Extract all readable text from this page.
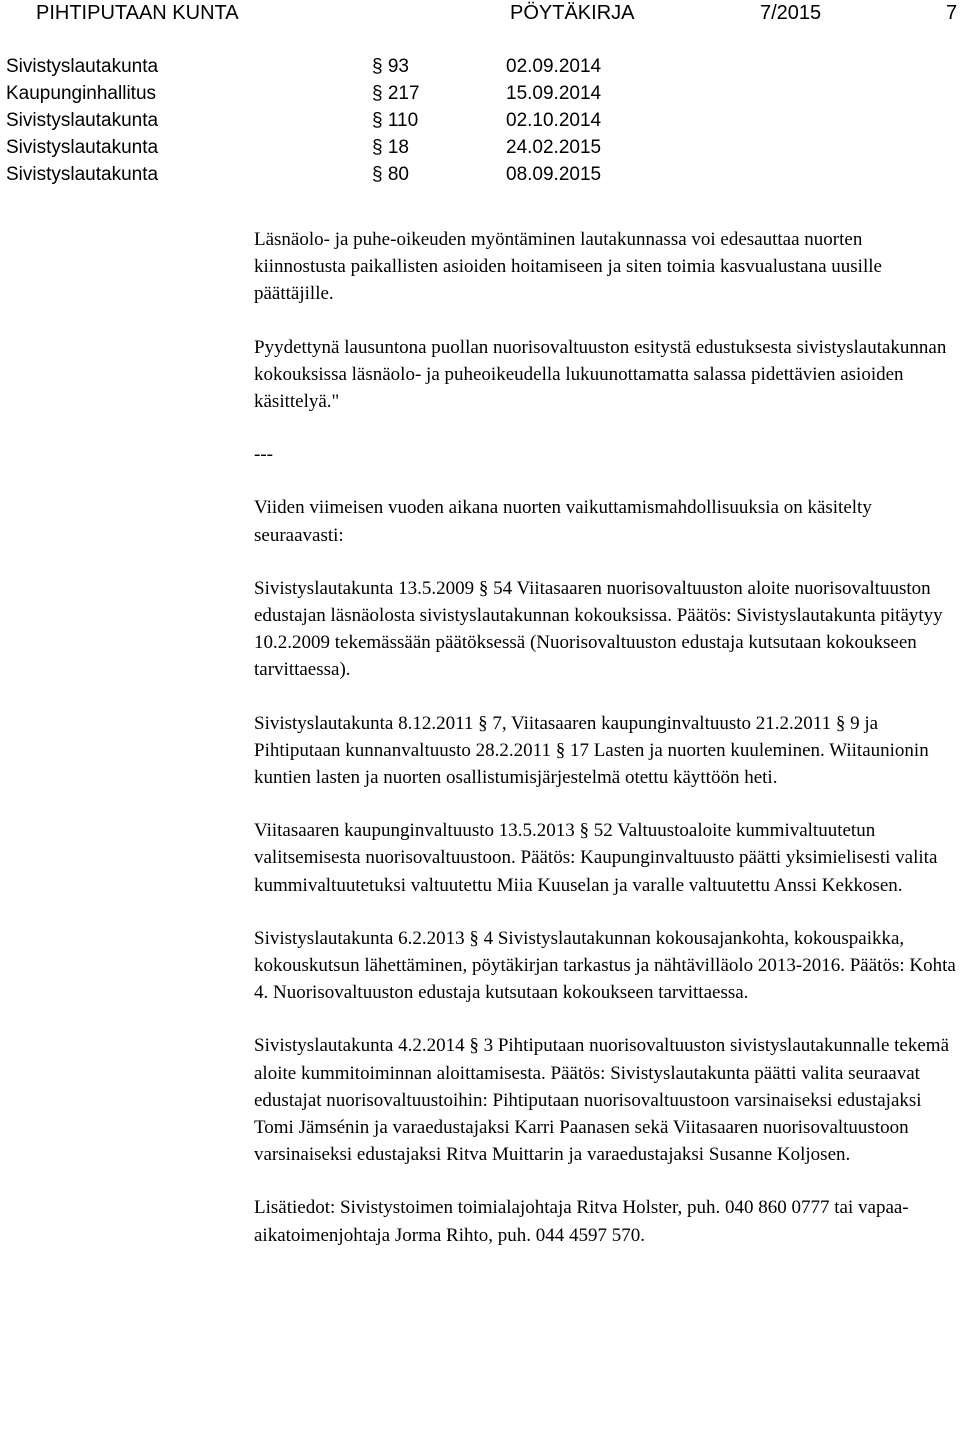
PIHTIPUTAAN KUNTA	PÖYTÄKIRJA	7/2015	7
Sivistyslautakunta	§ 93	02.09.2014
Kaupunginhallitus	§ 217	15.09.2014
Sivistyslautakunta	§ 110	02.10.2014
Sivistyslautakunta	§ 18	24.02.2015
Sivistyslautakunta	§ 80	08.09.2015

Läsnäolo- ja puhe-oikeuden myöntäminen lautakunnassa voi edesauttaa nuorten kiinnostusta paikallisten asioiden hoitamiseen ja siten toimia kasvualustana uusille päättäjille.

Pyydettynä lausuntona puollan nuorisovaltuuston esitystä edustuksesta sivistyslautakunnan kokouksissa läsnäolo- ja puheoikeudella lukuunottamatta salassa pidettävien asioiden käsittelyä."

---

Viiden viimeisen vuoden aikana nuorten vaikuttamismahdollisuuksia on käsitelty seuraavasti:

Sivistyslautakunta 13.5.2009 § 54 Viitasaaren nuorisovaltuuston aloite nuorisovaltuuston edustajan läsnäolosta sivistyslautakunnan kokouksissa. Päätös: Sivistyslautakunta pitäytyy 10.2.2009 tekemässään päätöksessä (Nuorisovaltuuston edustaja kutsutaan kokoukseen tarvittaessa).

Sivistyslautakunta 8.12.2011 § 7, Viitasaaren kaupunginvaltuusto 21.2.2011 § 9 ja Pihtiputaan kunnanvaltuusto 28.2.2011 § 17 Lasten ja nuorten kuuleminen. Wiitaunionin kuntien lasten ja nuorten osallistumisjärjestelmä otettu käyttöön heti.

Viitasaaren kaupunginvaltuusto 13.5.2013 § 52 Valtuustoaloite kummivaltuutetun valitsemisesta nuorisovaltuustoon. Päätös: Kaupunginvaltuusto päätti yksimielisesti valita kummivaltuutetuksi valtuutettu Miia Kuuselan ja varalle valtuutettu Anssi Kekkosen.

Sivistyslautakunta 6.2.2013 § 4 Sivistyslautakunnan kokousajankohta, kokouspaikka, kokouskutsun lähettäminen, pöytäkirjan tarkastus ja nähtävilläolo 2013-2016. Päätös: Kohta 4. Nuorisovaltuuston edustaja kutsutaan kokoukseen tarvittaessa.

Sivistyslautakunta 4.2.2014 § 3 Pihtiputaan nuorisovaltuuston sivistyslautakunnalle tekemä aloite kummitoiminnan aloittamisesta. Päätös: Sivistyslautakunta päätti valita seuraavat edustajat nuorisovaltuustoihin: Pihtiputaan nuorisovaltuustoon varsinaiseksi edustajaksi Tomi Jämsénin ja varaedustajaksi Karri Paanasen sekä Viitasaaren nuorisovaltuustoon varsinaiseksi edustajaksi Ritva Muittarin ja varaedustajaksi Susanne Koljosen.

Lisätiedot: Sivistystoimen toimialajohtaja Ritva Holster, puh. 040 860 0777 tai vapaa-aikatoimenjohtaja Jorma Rihto, puh. 044 4597 570.
